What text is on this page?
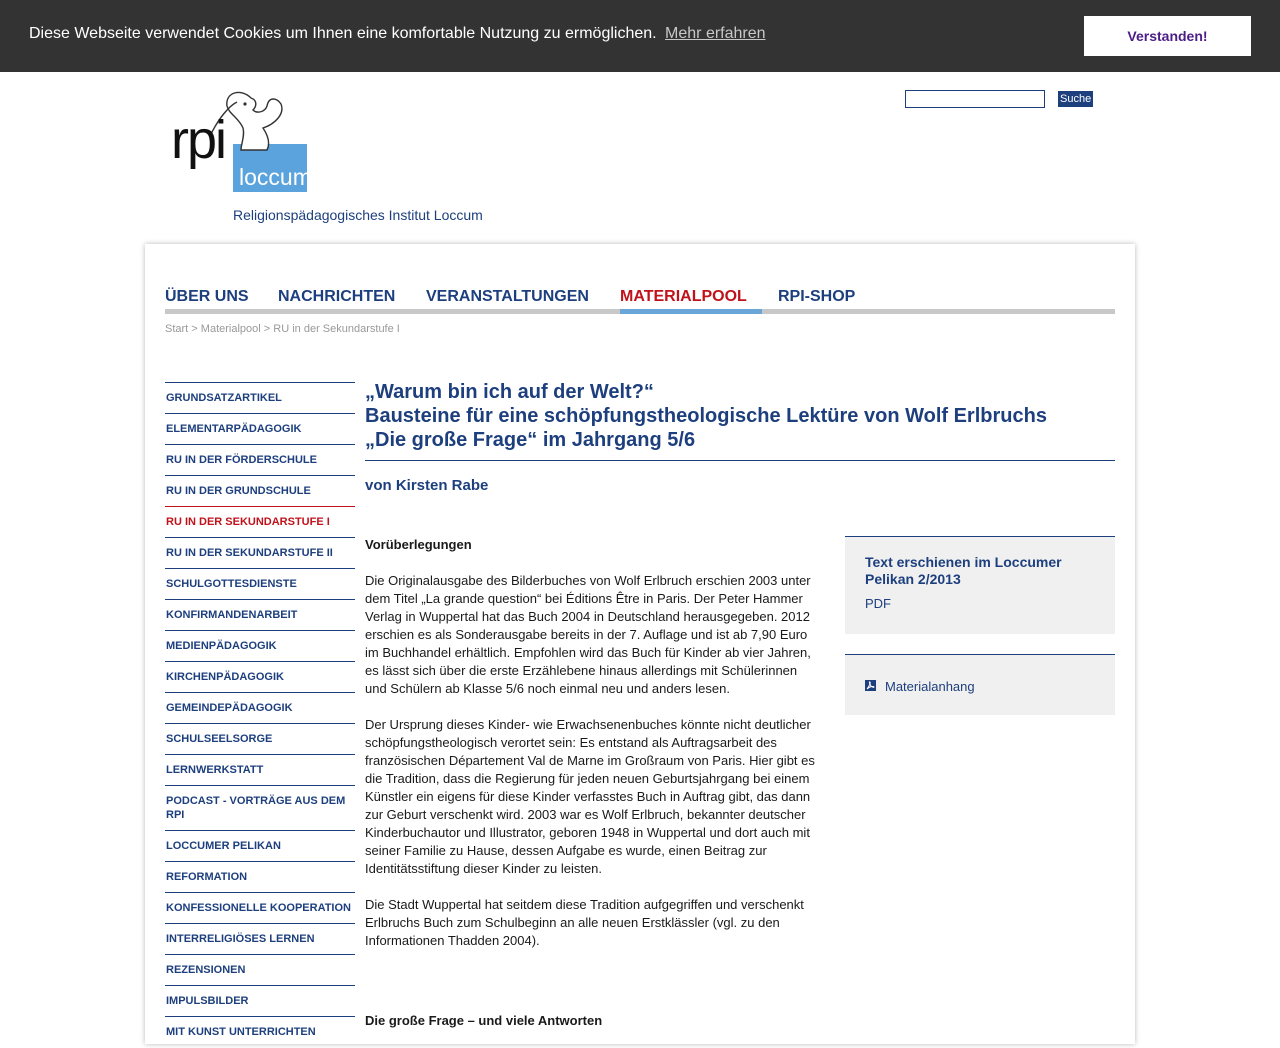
Diese Webseite verwendet Cookies um Ihnen eine komfortable Nutzung zu ermöglichen. Mehr erfahren	Verstanden!
rpi
loccum
Religionspädagogisches Institut Loccum
Suche
ÜBER UNS NACHRICHTEN VERANSTALTUNGEN MATERIALPOOL RPI-SHOP
Start > Materialpool > RU in der Sekundarstufe I
GRUNDSATZARTIKEL
ELEMENTARPÄDAGOGIK
RU IN DER FÖRDERSCHULE
RU IN DER GRUNDSCHULE
RU IN DER SEKUNDARSTUFE I
RU IN DER SEKUNDARSTUFE II
SCHULGOTTESDIENSTE
KONFIRMANDENARBEIT
MEDIENPÄDAGOGIK
KIRCHENPÄDAGOGIK
GEMEINDEPÄDAGOGIK
SCHULSEELSORGE
LERNWERKSTATT
PODCAST - VORTRÄGE AUS DEM RPI
LOCCUMER PELIKAN
REFORMATION
KONFESSIONELLE KOOPERATION
INTERRELIGIÖSES LERNEN
REZENSIONEN
IMPULSBILDER
MIT KUNST UNTERRICHTEN
„Warum bin ich auf der Welt?“
Bausteine für eine schöpfungstheologische Lektüre von Wolf Erlbruchs
„Die große Frage“ im Jahrgang 5/6
von Kirsten Rabe
Vorüberlegungen

Die Originalausgabe des Bilderbuches von Wolf Erlbruch erschien 2003 unter dem Titel „La grande question“ bei Éditions Être in Paris. Der Peter Hammer Verlag in Wuppertal hat das Buch 2004 in Deutschland herausgegeben. 2012 erschien es als Sonderausgabe bereits in der 7. Auflage und ist ab 7,90 Euro im Buchhandel erhältlich. Empfohlen wird das Buch für Kinder ab vier Jahren, es lässt sich über die erste Erzählebene hinaus allerdings mit Schülerinnen und Schülern ab Klasse 5/6 noch einmal neu und anders lesen.

Der Ursprung dieses Kinder- wie Erwachsenenbuches könnte nicht deutlicher schöpfungstheologisch verortet sein: Es entstand als Auftragsarbeit des französischen Département Val de Marne im Großraum von Paris. Hier gibt es die Tradition, dass die Regierung für jeden neuen Geburtsjahrgang bei einem Künstler ein eigens für diese Kinder verfasstes Buch in Auftrag gibt, das dann zur Geburt verschenkt wird. 2003 war es Wolf Erlbruch, bekannter deutscher Kinderbuchautor und Illustrator, geboren 1948 in Wuppertal und dort auch mit seiner Familie zu Hause, dessen Aufgabe es wurde, einen Beitrag zur Identitätsstiftung dieser Kinder zu leisten.

Die Stadt Wuppertal hat seitdem diese Tradition aufgegriffen und verschenkt Erlbruchs Buch zum Schulbeginn an alle neuen Erstklässler (vgl. zu den Informationen Thadden 2004).

Die große Frage – und viele Antworten
Text erschienen im Loccumer Pelikan 2/2013
PDF
Materialanhang
